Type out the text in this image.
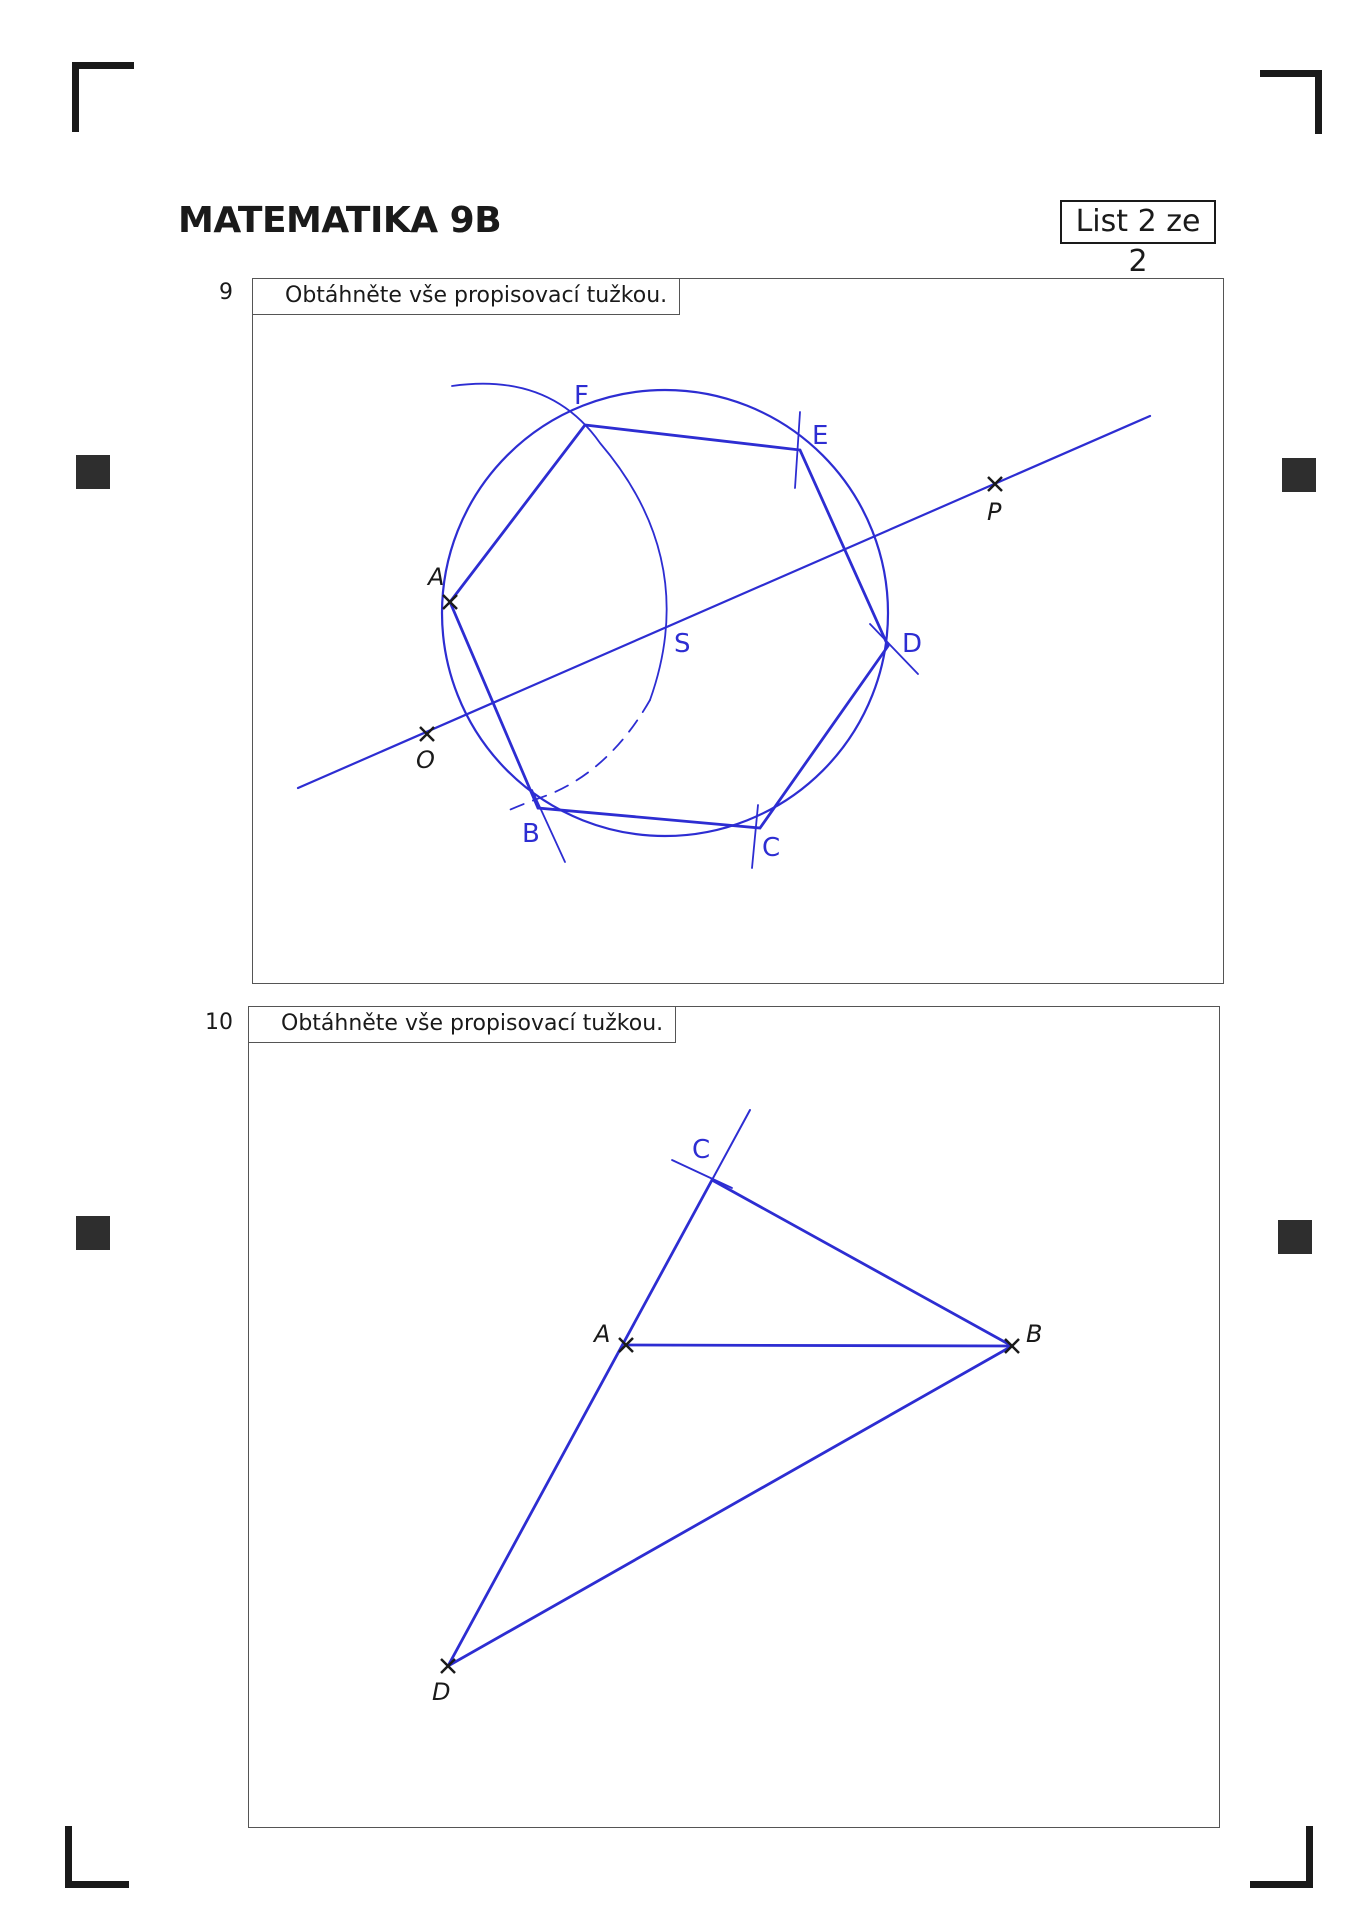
MATEMATIKA 9B	List 2 ze 2
9
10
Obtáhněte vše propisovací tužkou.
Obtáhněte vše propisovací tužkou.
A
O
P
F
E
D
C
B
S
A	B
D
C
